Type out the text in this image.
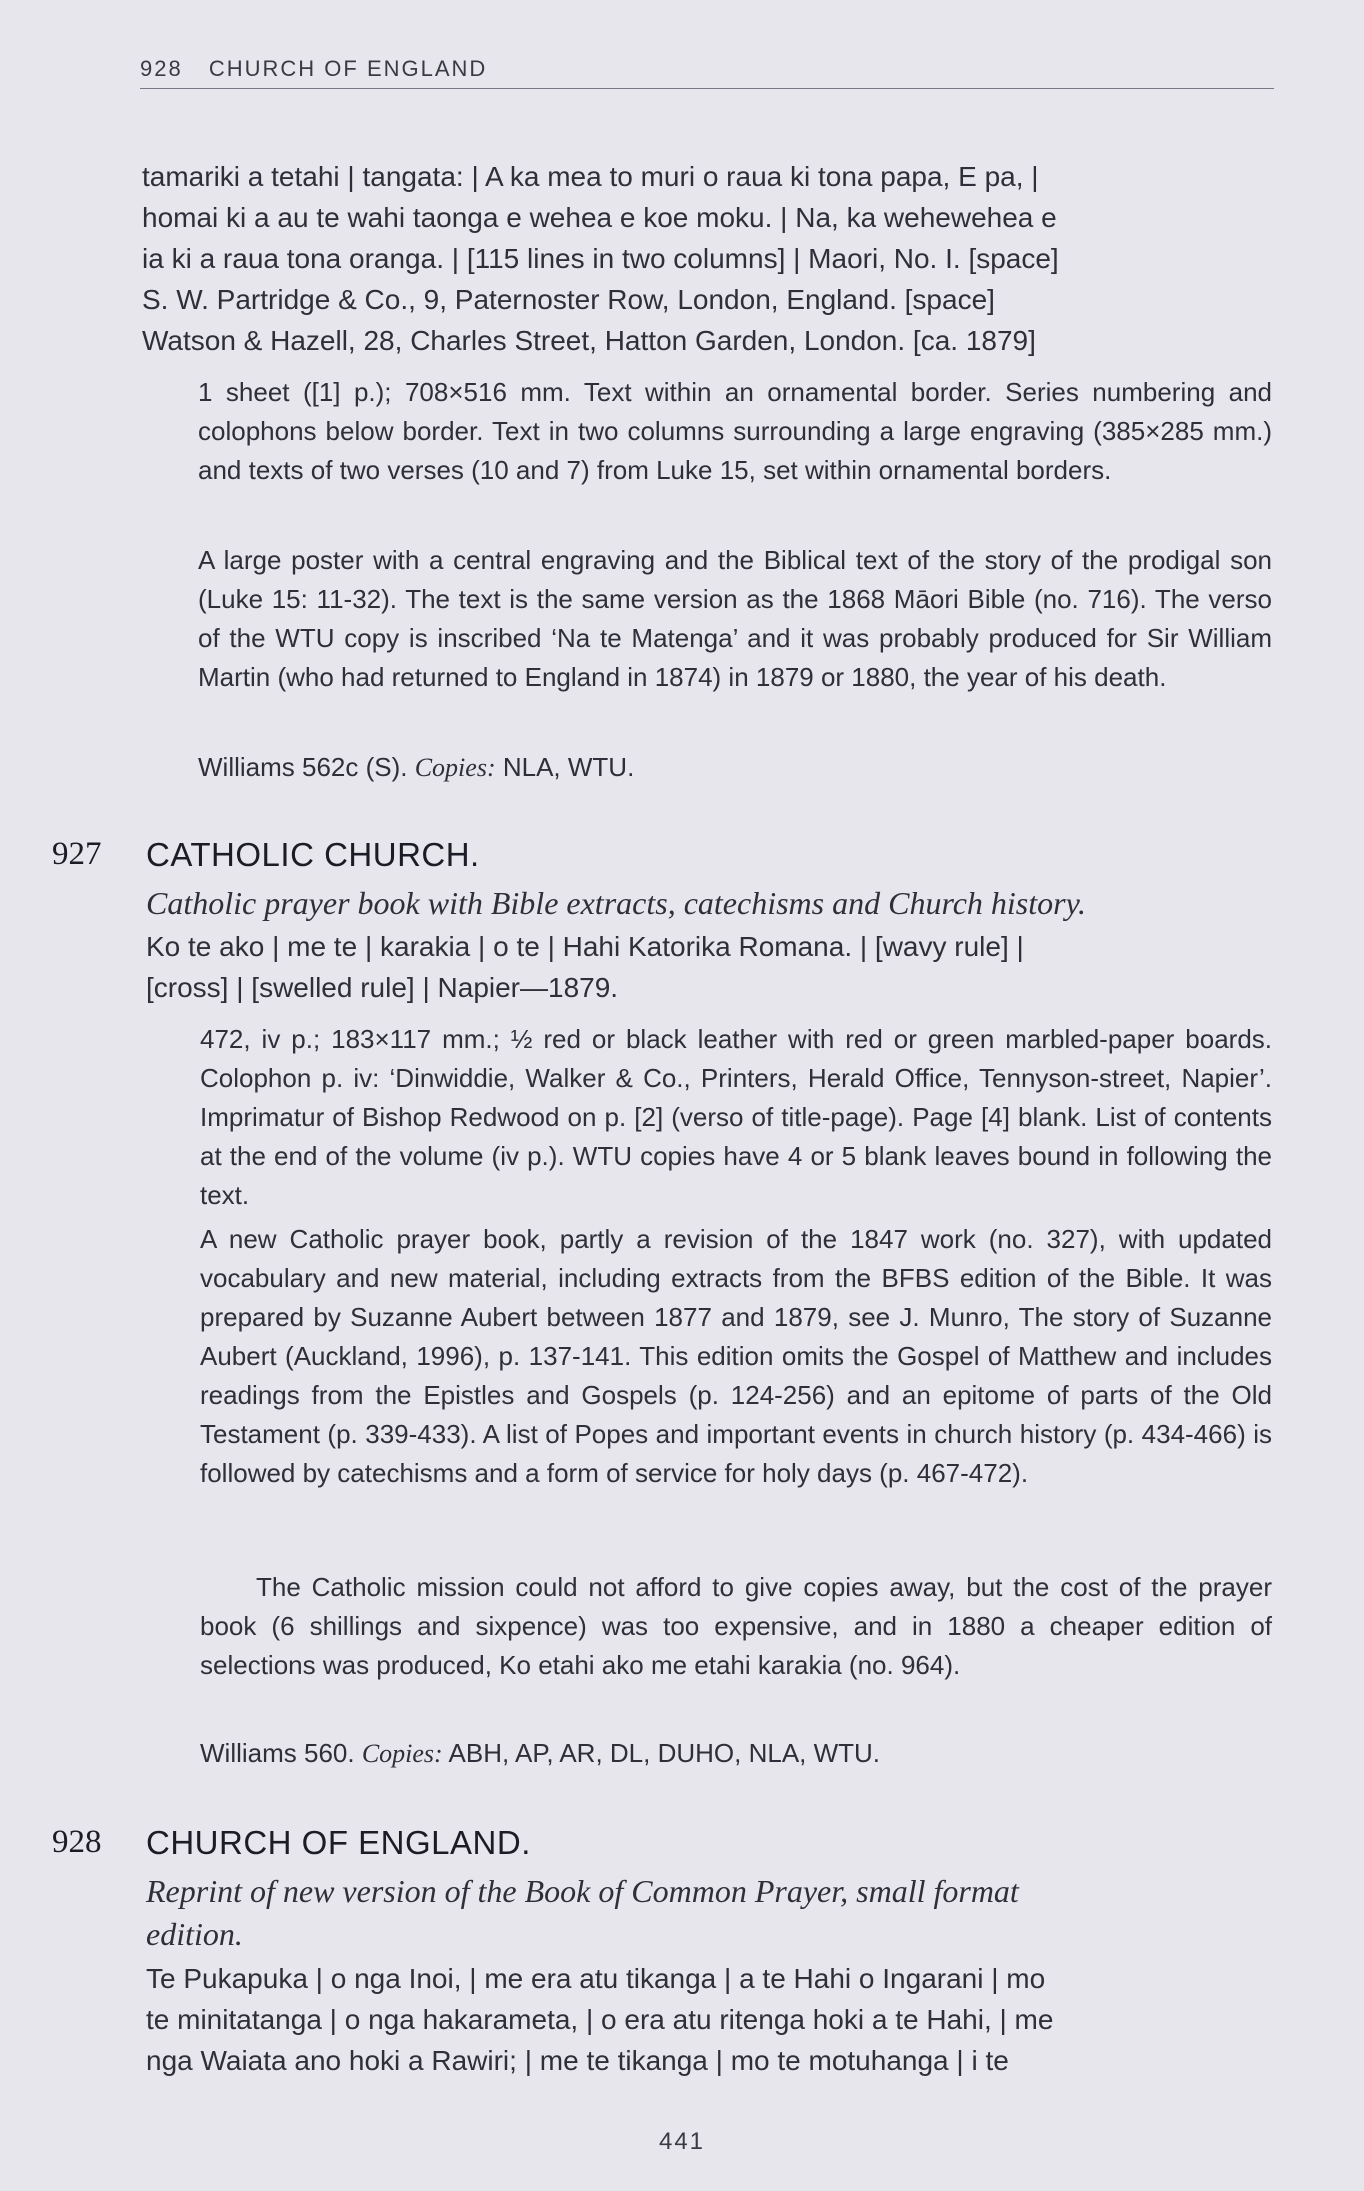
928 CHURCH OF ENGLAND
tamariki a tetahi | tangata: | A ka mea to muri o raua ki tona papa, E pa, |
homai ki a au te wahi taonga e wehea e koe moku. | Na, ka wehewehea e
ia ki a raua tona oranga. | [115 lines in two columns] | Maori, No. I. [space]
S. W. Partridge & Co., 9, Paternoster Row, London, England. [space]
Watson & Hazell, 28, Charles Street, Hatton Garden, London. [ca. 1879]
1 sheet ([1] p.); 708×516 mm. Text within an ornamental border. Series numbering and colophons below border. Text in two columns surrounding a large engraving (385×285 mm.) and texts of two verses (10 and 7) from Luke 15, set within ornamental borders.
A large poster with a central engraving and the Biblical text of the story of the prodigal son (Luke 15: 11-32). The text is the same version as the 1868 Māori Bible (no. 716). The verso of the WTU copy is inscribed ‘Na te Matenga’ and it was probably produced for Sir William Martin (who had returned to England in 1874) in 1879 or 1880, the year of his death.
Williams 562c (S). Copies: NLA, WTU.
927 CATHOLIC CHURCH.
Catholic prayer book with Bible extracts, catechisms and Church history.
Ko te ako | me te | karakia | o te | Hahi Katorika Romana. | [wavy rule] |
[cross] | [swelled rule] | Napier—1879.
472, iv p.; 183×117 mm.; ½ red or black leather with red or green marbled-paper boards. Colophon p. iv: ‘Dinwiddie, Walker & Co., Printers, Herald Office, Tennyson-street, Napier’. Imprimatur of Bishop Redwood on p. [2] (verso of title-page). Page [4] blank. List of contents at the end of the volume (iv p.). WTU copies have 4 or 5 blank leaves bound in following the text.
A new Catholic prayer book, partly a revision of the 1847 work (no. 327), with updated vocabulary and new material, including extracts from the BFBS edition of the Bible. It was prepared by Suzanne Aubert between 1877 and 1879, see J. Munro, The story of Suzanne Aubert (Auckland, 1996), p. 137-141. This edition omits the Gospel of Matthew and includes readings from the Epistles and Gospels (p. 124-256) and an epitome of parts of the Old Testament (p. 339-433). A list of Popes and important events in church history (p. 434-466) is followed by catechisms and a form of service for holy days (p. 467-472).
The Catholic mission could not afford to give copies away, but the cost of the prayer book (6 shillings and sixpence) was too expensive, and in 1880 a cheaper edition of selections was produced, Ko etahi ako me etahi karakia (no. 964).
Williams 560. Copies: ABH, AP, AR, DL, DUHO, NLA, WTU.
928 CHURCH OF ENGLAND.
Reprint of new version of the Book of Common Prayer, small format
edition.
Te Pukapuka | o nga Inoi, | me era atu tikanga | a te Hahi o Ingarani | mo
te minitatanga | o nga hakarameta, | o era atu ritenga hoki a te Hahi, | me
nga Waiata ano hoki a Rawiri; | me te tikanga | mo te motuhanga | i te
441
